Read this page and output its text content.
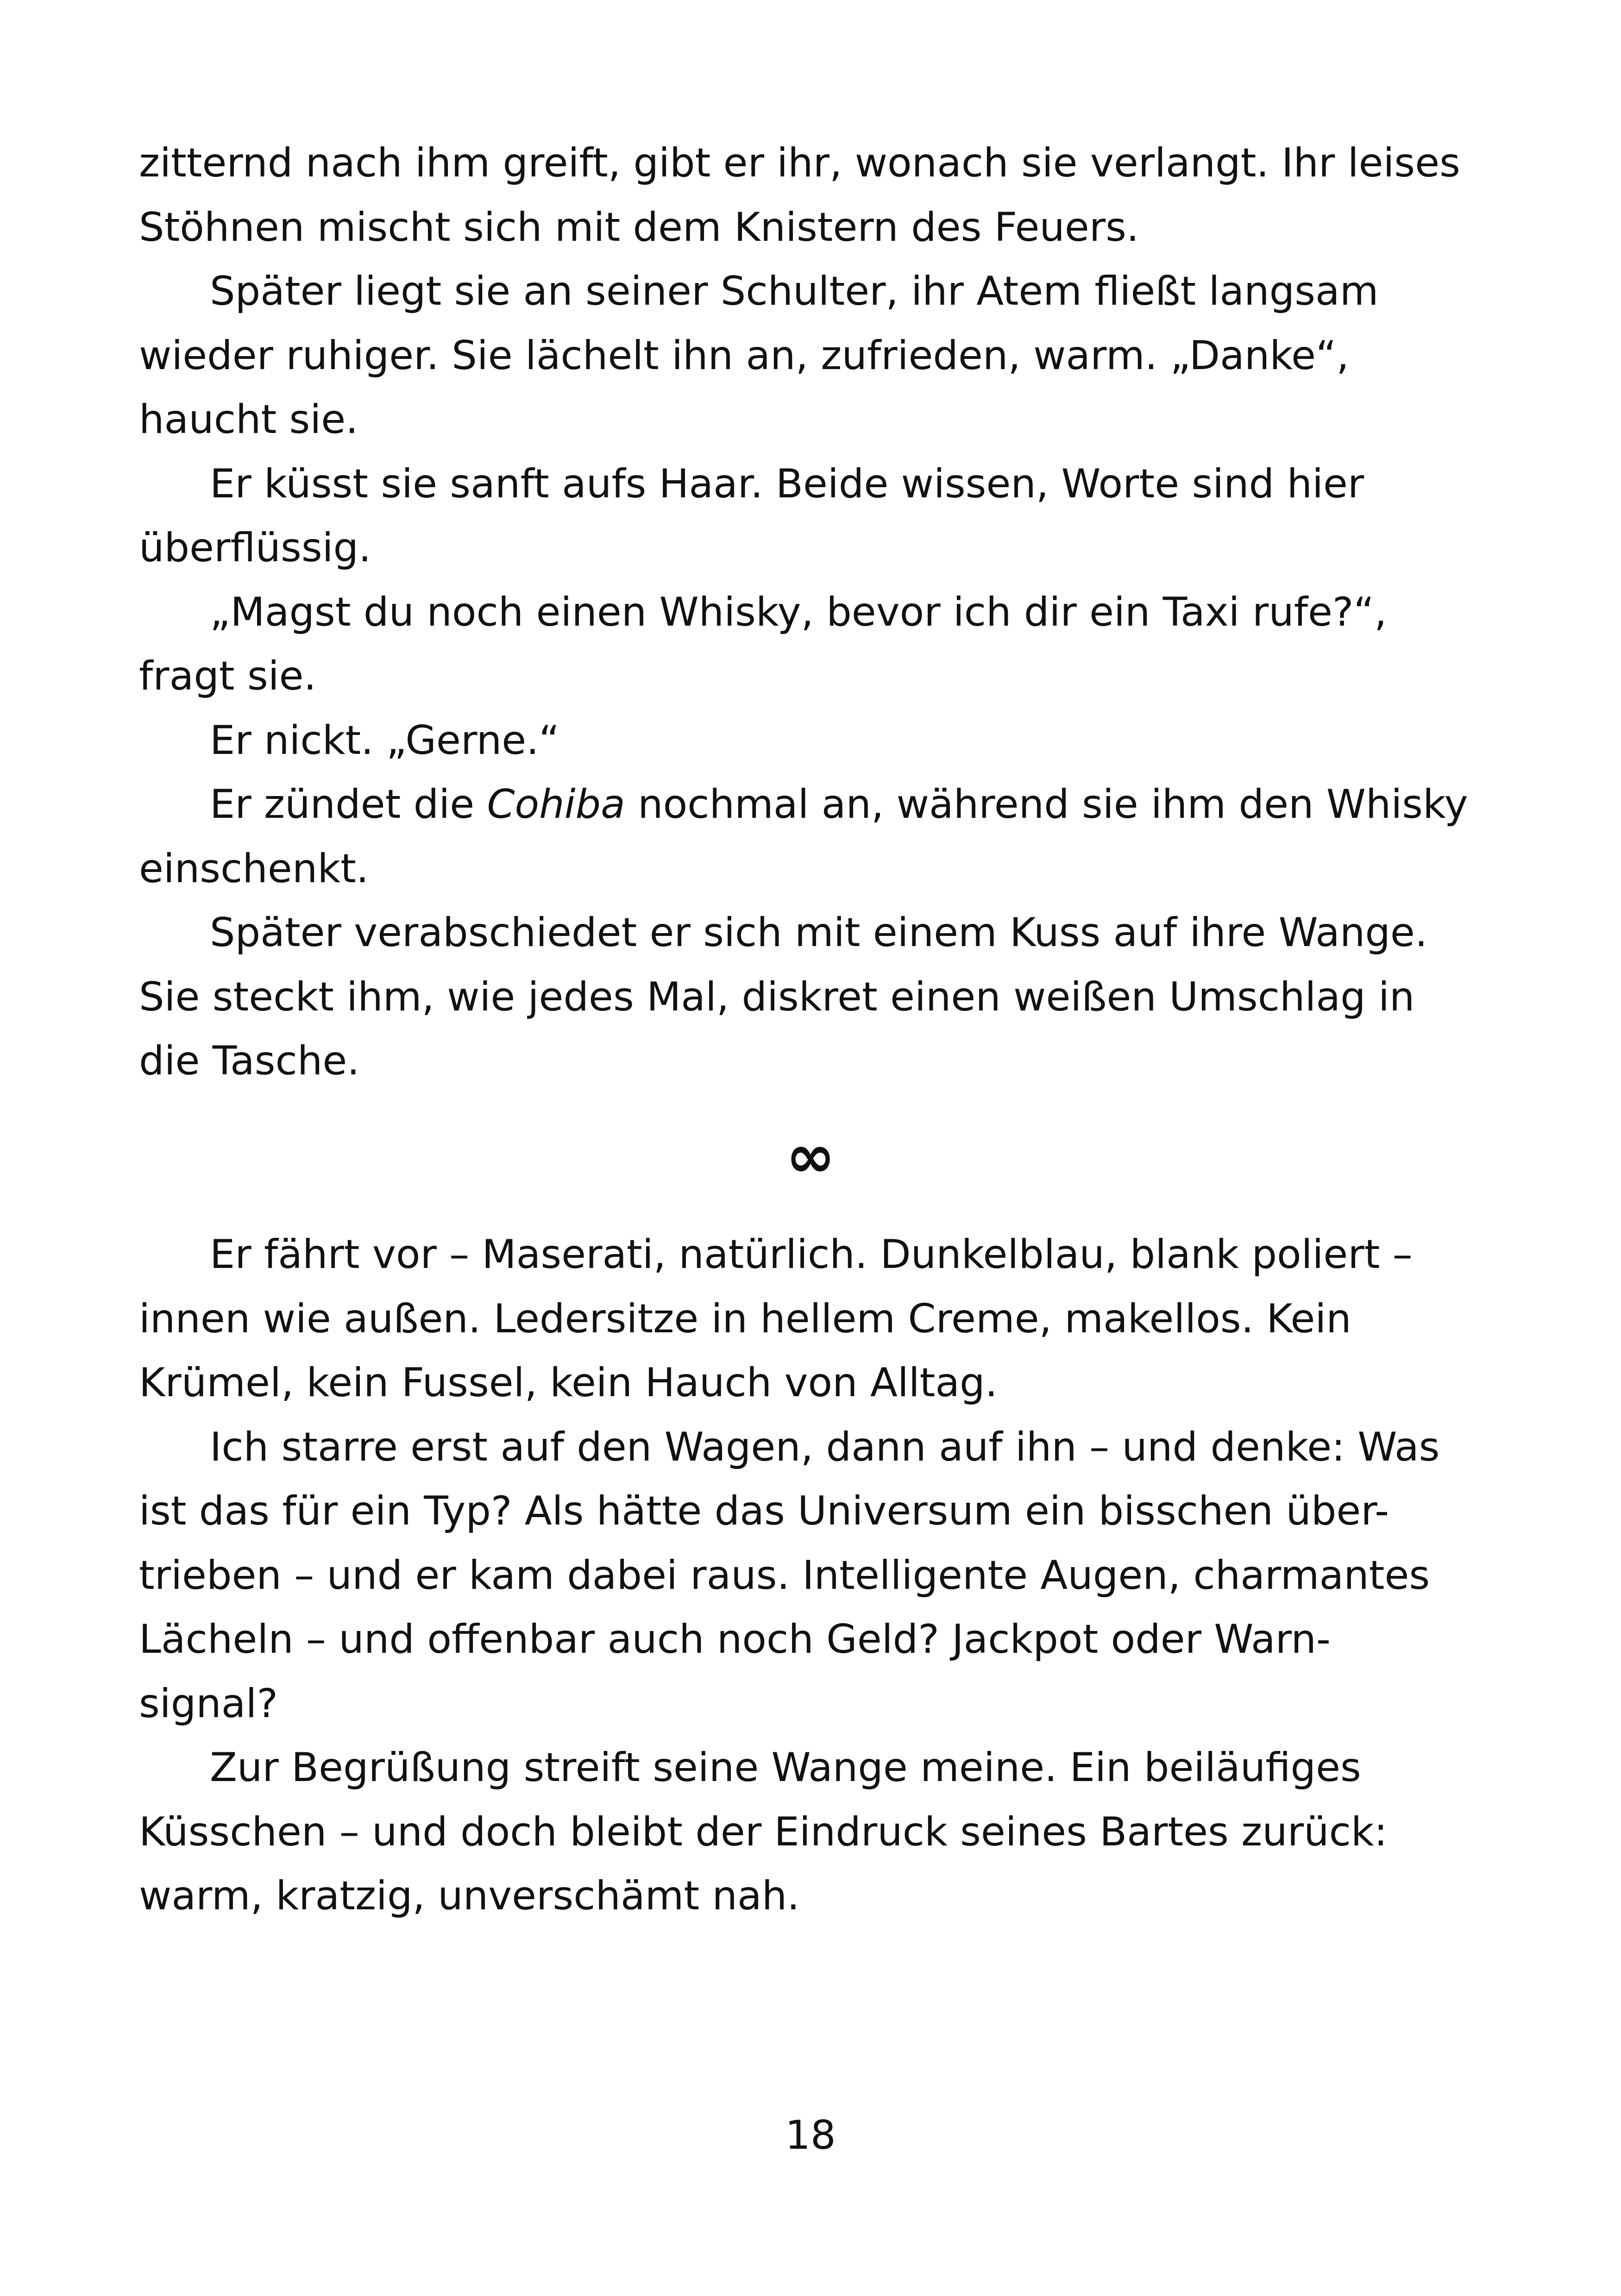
zitternd nach ihm greift, gibt er ihr, wonach sie verlangt. Ihr leises
Stöhnen mischt sich mit dem Knistern des Feuers.

Später liegt sie an seiner Schulter, ihr Atem fließt langsam
wieder ruhiger. Sie lächelt ihn an, zufrieden, warm. „Danke“,
haucht sie.

Er küsst sie sanft aufs Haar. Beide wissen, Worte sind hier
überflüssig.

„Magst du noch einen Whisky, bevor ich dir ein Taxi rufe?“,
fragt sie.

Er nickt. „Gerne.“

Er zündet die Cohiba nochmal an, während sie ihm den Whisky
einschenkt.

Später verabschiedet er sich mit einem Kuss auf ihre Wange.
Sie steckt ihm, wie jedes Mal, diskret einen weißen Umschlag in
die Tasche.

∞

Er fährt vor – Maserati, natürlich. Dunkelblau, blank poliert –
innen wie außen. Ledersitze in hellem Creme, makellos. Kein
Krümel, kein Fussel, kein Hauch von Alltag.

Ich starre erst auf den Wagen, dann auf ihn – und denke: Was
ist das für ein Typ? Als hätte das Universum ein bisschen über-
trieben – und er kam dabei raus. Intelligente Augen, charmantes
Lächeln – und offenbar auch noch Geld? Jackpot oder Warn-
signal?

Zur Begrüßung streift seine Wange meine. Ein beiläufiges
Küsschen – und doch bleibt der Eindruck seines Bartes zurück:
warm, kratzig, unverschämt nah.

18
